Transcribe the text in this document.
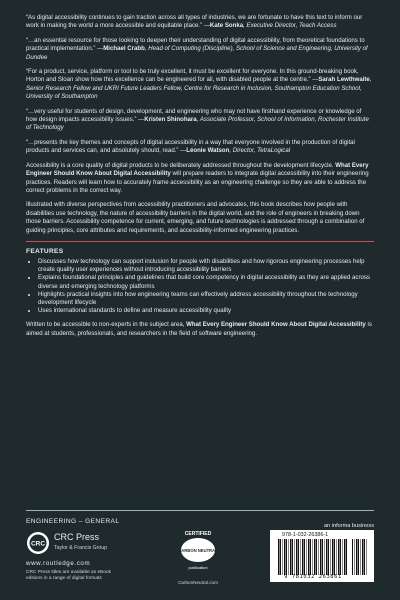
“As digital accessibility continues to gain traction across all types of industries, we are fortunate to have this text to inform our work in making the world a more accessible and equitable place.” —Kate Sonka, Executive Director, Teach Access

“…an essential resource for those looking to deepen their understanding of digital accessibility, from theoretical foundations to practical implementation.” —Michael Crabb, Head of Computing (Discipline), School of Science and Engineering, University of Dundee

“For a product, service, platform or tool to be truly excellent, it must be excellent for everyone. In this ground-breaking book, Horton and Sloan show how this excellence can be engineered for all, with disabled people at the centre.” —Sarah Lewthwaite, Senior Research Fellow and UKRI Future Leaders Fellow, Centre for Research in Inclusion, Southampton Education School, University of Southampton

“…very useful for students of design, development, and engineering who may not have firsthand experience or knowledge of how design impacts accessibility issues.” —Kristen Shinohara, Associate Professor, School of Information, Rochester Institute of Technology

“…presents the key themes and concepts of digital accessibility in a way that everyone involved in the production of digital products and services can, and absolutely should, read.” —Léonie Watson, Director, TetraLogical

Accessibility is a core quality of digital products to be deliberately addressed throughout the development lifecycle. What Every Engineer Should Know About Digital Accessibility will prepare readers to integrate digital accessibility into their engineering practices. Readers will learn how to accurately frame accessibility as an engineering challenge so they are able to address the correct problems in the correct way.

Illustrated with diverse perspectives from accessibility practitioners and advocates, this book describes how people with disabilities use technology, the nature of accessibility barriers in the digital world, and the role of engineers in breaking down those barriers. Accessibility competence for current, emerging, and future technologies is addressed through a combination of guiding principles, core attributes and requirements, and accessibility-informed engineering practices.

FEATURES
• Discusses how technology can support inclusion for people with disabilities and how rigorous engineering processes help create quality user experiences without introducing accessibility barriers
• Explains foundational principles and guidelines that build core competency in digital accessibility as they are applied across diverse and emerging technology platforms
• Highlights practical insights into how engineering teams can effectively address accessibility throughout the technology development lifecycle
• Uses international standards to define and measure accessibility quality

Written to be accessible to non-experts in the subject area, What Every Engineer Should Know About Digital Accessibility is aimed at students, professionals, and researchers in the field of software engineering.

ENGINEERING – GENERAL
CRC
CRC Press
Taylor & Francis Group
www.routledge.com
CRC Press titles are available as eBook editions in a range of digital formats
CERTIFIED
CARBON NEUTRAL
publication
CarbonNeutral.com
an informa business
978-1-032-26386-1
9 781032 263861
